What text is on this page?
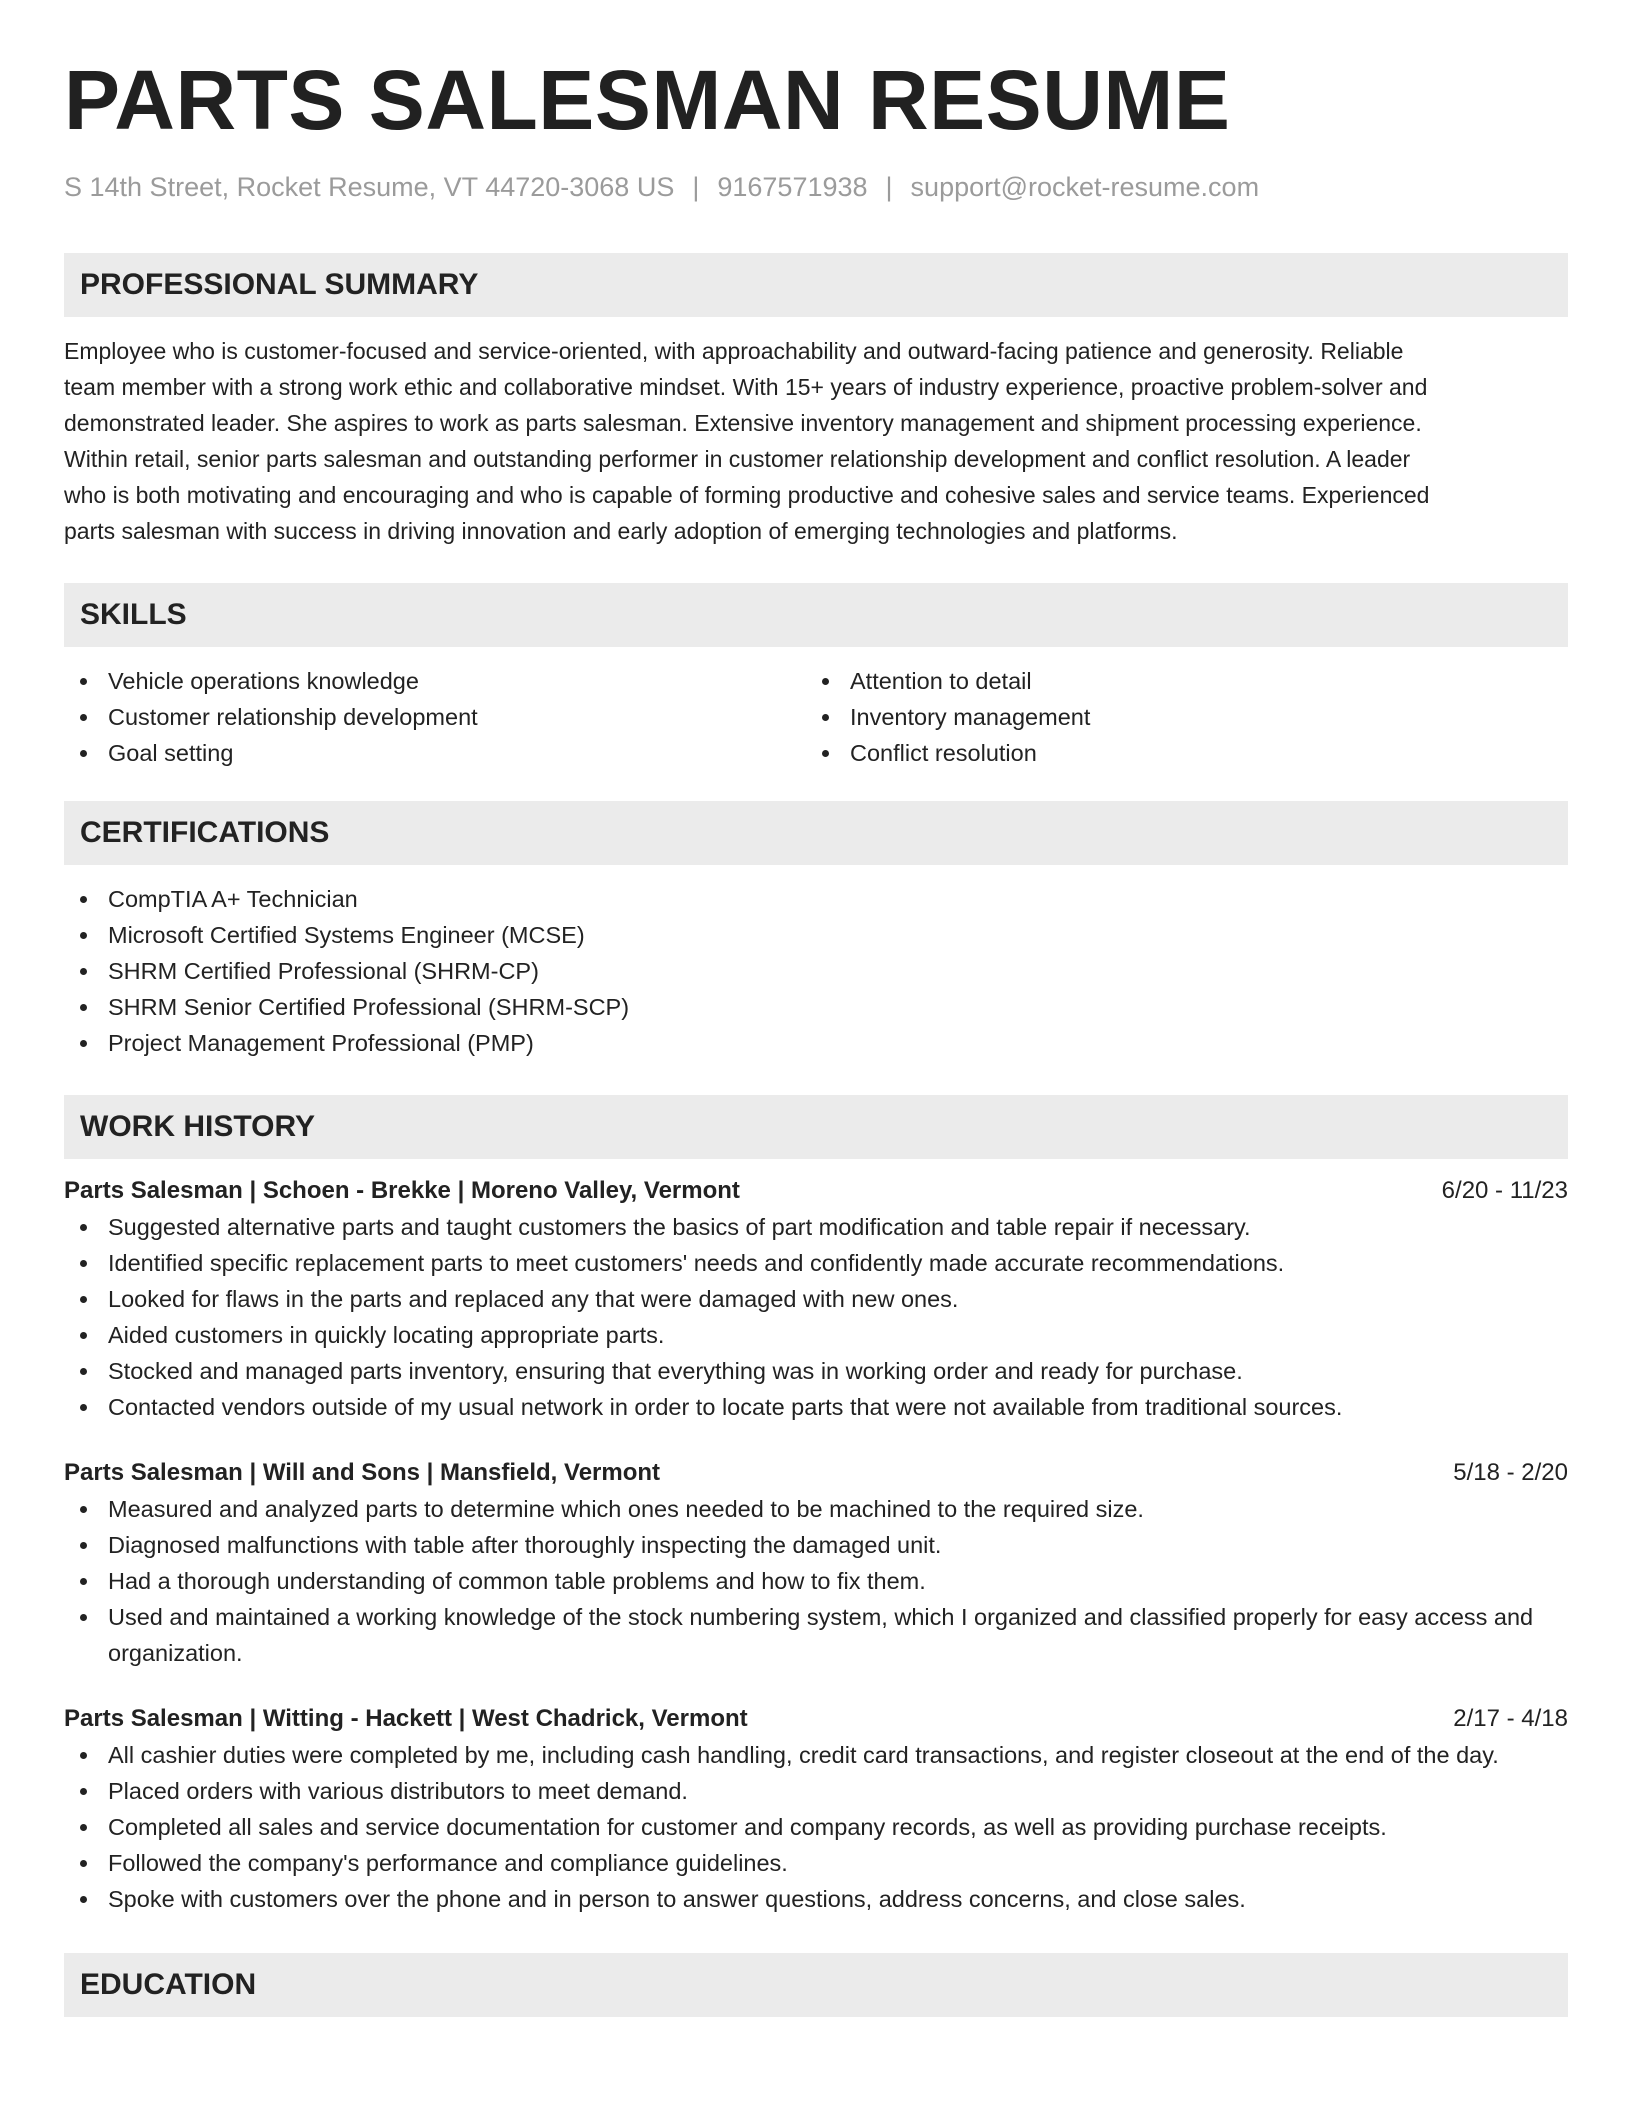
PARTS SALESMAN RESUME
S 14th Street, Rocket Resume, VT 44720-3068 US | 9167571938 | support@rocket-resume.com
PROFESSIONAL SUMMARY
Employee who is customer-focused and service-oriented, with approachability and outward-facing patience and generosity. Reliable
team member with a strong work ethic and collaborative mindset. With 15+ years of industry experience, proactive problem-solver and
demonstrated leader. She aspires to work as parts salesman. Extensive inventory management and shipment processing experience.
Within retail, senior parts salesman and outstanding performer in customer relationship development and conflict resolution. A leader
who is both motivating and encouraging and who is capable of forming productive and cohesive sales and service teams. Experienced
parts salesman with success in driving innovation and early adoption of emerging technologies and platforms.
SKILLS
Vehicle operations knowledge
Customer relationship development
Goal setting
Attention to detail
Inventory management
Conflict resolution
CERTIFICATIONS
CompTIA A+ Technician
Microsoft Certified Systems Engineer (MCSE)
SHRM Certified Professional (SHRM-CP)
SHRM Senior Certified Professional (SHRM-SCP)
Project Management Professional (PMP)
WORK HISTORY
Parts Salesman | Schoen - Brekke | Moreno Valley, Vermont	6/20 - 11/23
Suggested alternative parts and taught customers the basics of part modification and table repair if necessary.
Identified specific replacement parts to meet customers' needs and confidently made accurate recommendations.
Looked for flaws in the parts and replaced any that were damaged with new ones.
Aided customers in quickly locating appropriate parts.
Stocked and managed parts inventory, ensuring that everything was in working order and ready for purchase.
Contacted vendors outside of my usual network in order to locate parts that were not available from traditional sources.
Parts Salesman | Will and Sons | Mansfield, Vermont	5/18 - 2/20
Measured and analyzed parts to determine which ones needed to be machined to the required size.
Diagnosed malfunctions with table after thoroughly inspecting the damaged unit.
Had a thorough understanding of common table problems and how to fix them.
Used and maintained a working knowledge of the stock numbering system, which I organized and classified properly for easy access and organization.
Parts Salesman | Witting - Hackett | West Chadrick, Vermont	2/17 - 4/18
All cashier duties were completed by me, including cash handling, credit card transactions, and register closeout at the end of the day.
Placed orders with various distributors to meet demand.
Completed all sales and service documentation for customer and company records, as well as providing purchase receipts.
Followed the company's performance and compliance guidelines.
Spoke with customers over the phone and in person to answer questions, address concerns, and close sales.
EDUCATION
